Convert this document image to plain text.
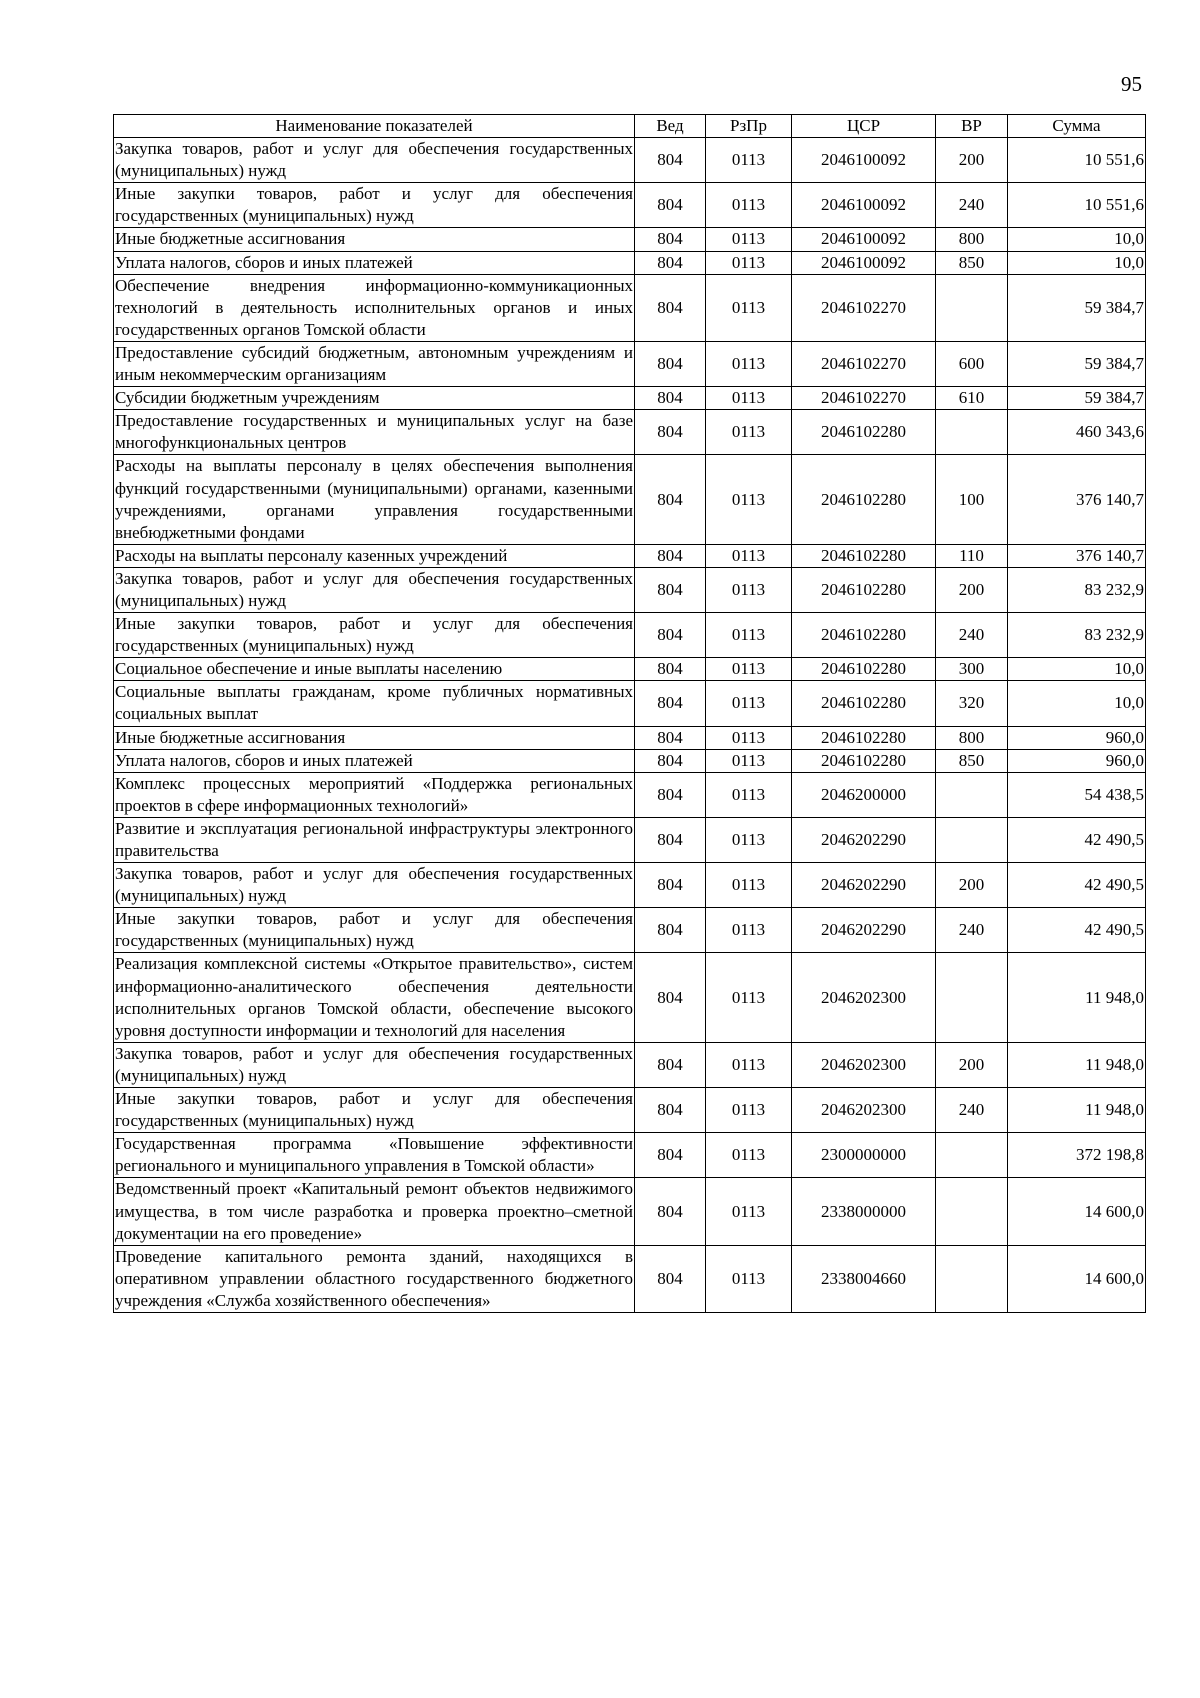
95
Наименование показателей	Вед	РзПр	ЦСР	ВР	Сумма
Закупка товаров, работ и услуг для обеспечения государственных (муниципальных) нужд	804	0113	2046100092	200	10 551,6
Иные закупки товаров, работ и услуг для обеспечения государственных (муниципальных) нужд	804	0113	2046100092	240	10 551,6
Иные бюджетные ассигнования	804	0113	2046100092	800	10,0
Уплата налогов, сборов и иных платежей	804	0113	2046100092	850	10,0
Обеспечение внедрения информационно-коммуникационных технологий в деятельность исполнительных органов и иных государственных органов Томской области	804	0113	2046102270		59 384,7
Предоставление субсидий бюджетным, автономным учреждениям и иным некоммерческим организациям	804	0113	2046102270	600	59 384,7
Субсидии бюджетным учреждениям	804	0113	2046102270	610	59 384,7
Предоставление государственных и муниципальных услуг на базе многофункциональных центров	804	0113	2046102280		460 343,6
Расходы на выплаты персоналу в целях обеспечения выполнения функций государственными (муниципальными) органами, казенными учреждениями, органами управления государственными внебюджетными фондами	804	0113	2046102280	100	376 140,7
Расходы на выплаты персоналу казенных учреждений	804	0113	2046102280	110	376 140,7
Закупка товаров, работ и услуг для обеспечения государственных (муниципальных) нужд	804	0113	2046102280	200	83 232,9
Иные закупки товаров, работ и услуг для обеспечения государственных (муниципальных) нужд	804	0113	2046102280	240	83 232,9
Социальное обеспечение и иные выплаты населению	804	0113	2046102280	300	10,0
Социальные выплаты гражданам, кроме публичных нормативных социальных выплат	804	0113	2046102280	320	10,0
Иные бюджетные ассигнования	804	0113	2046102280	800	960,0
Уплата налогов, сборов и иных платежей	804	0113	2046102280	850	960,0
Комплекс процессных мероприятий «Поддержка региональных проектов в сфере информационных технологий»	804	0113	2046200000		54 438,5
Развитие и эксплуатация региональной инфраструктуры электронного правительства	804	0113	2046202290		42 490,5
Закупка товаров, работ и услуг для обеспечения государственных (муниципальных) нужд	804	0113	2046202290	200	42 490,5
Иные закупки товаров, работ и услуг для обеспечения государственных (муниципальных) нужд	804	0113	2046202290	240	42 490,5
Реализация комплексной системы «Открытое правительство», систем информационно-аналитического обеспечения деятельности исполнительных органов Томской области, обеспечение высокого уровня доступности информации и технологий для населения	804	0113	2046202300		11 948,0
Закупка товаров, работ и услуг для обеспечения государственных (муниципальных) нужд	804	0113	2046202300	200	11 948,0
Иные закупки товаров, работ и услуг для обеспечения государственных (муниципальных) нужд	804	0113	2046202300	240	11 948,0
Государственная программа «Повышение эффективности регионального и муниципального управления в Томской области»	804	0113	2300000000		372 198,8
Ведомственный проект «Капитальный ремонт объектов недвижимого имущества, в том числе разработка и проверка проектно–сметной документации на его проведение»	804	0113	2338000000		14 600,0
Проведение капитального ремонта зданий, находящихся в оперативном управлении областного государственного бюджетного учреждения «Служба хозяйственного обеспечения»	804	0113	2338004660		14 600,0
